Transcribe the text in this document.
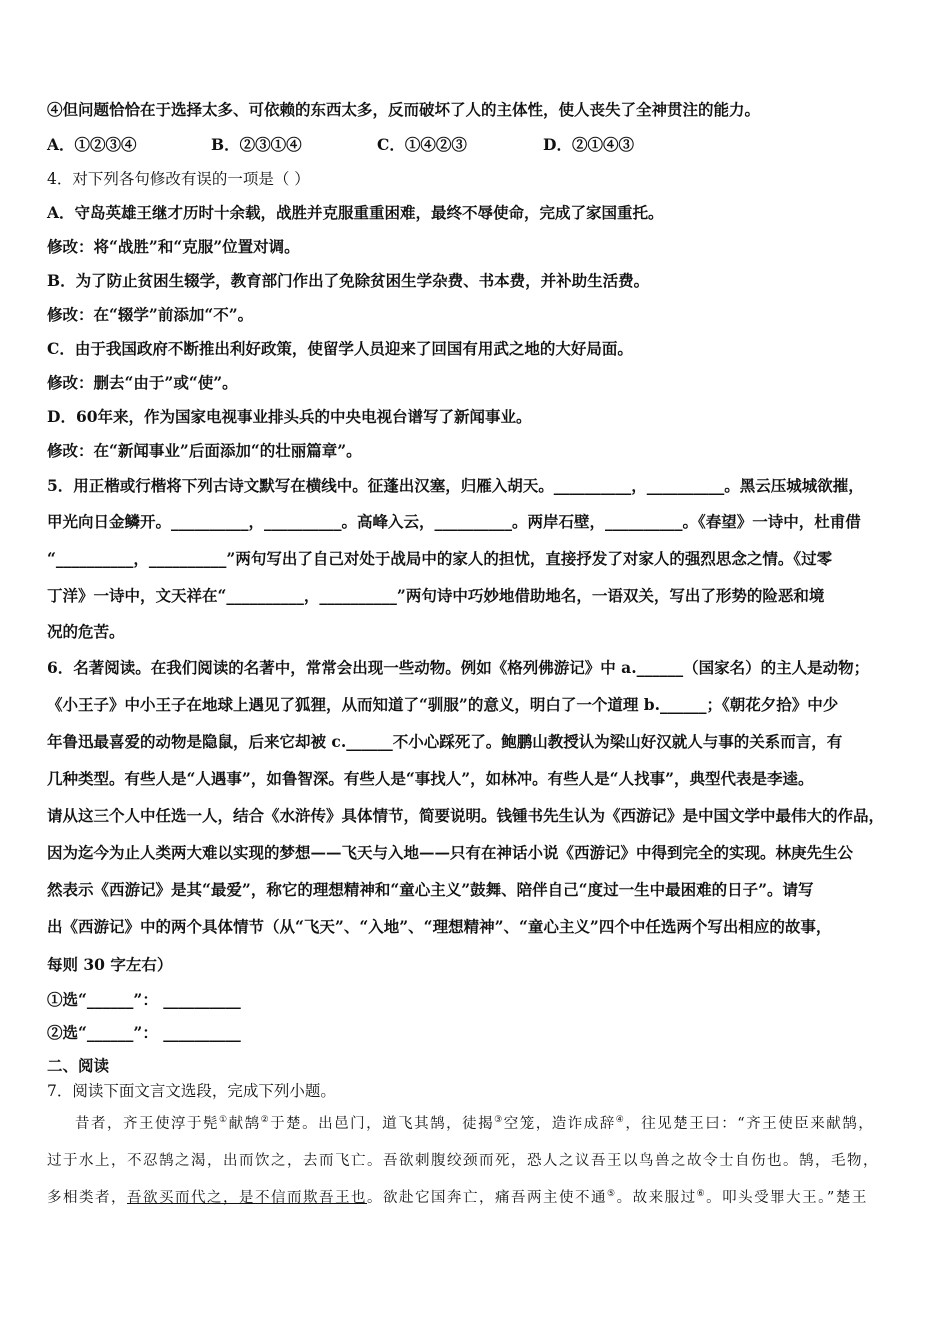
④但问题恰恰在于选择太多、可依赖的东西太多，反而破坏了人的主体性，使人丧失了全神贯注的能力。
A．①②③④	B．②③①④	C．①④②③	D．②①④③
4．对下列各句修改有误的一项是（ ）
A．守岛英雄王继才历时十余载，战胜并克服重重困难，最终不辱使命，完成了家国重托。
修改：将“战胜”和“克服”位置对调。
B．为了防止贫困生辍学，教育部门作出了免除贫困生学杂费、书本费，并补助生活费。
修改：在“辍学”前添加“不”。
C．由于我国政府不断推出利好政策，使留学人员迎来了回国有用武之地的大好局面。
修改：删去“由于”或“使”。
D．60年来，作为国家电视事业排头兵的中央电视台谱写了新闻事业。
修改：在“新闻事业”后面添加“的壮丽篇章”。
5．用正楷或行楷将下列古诗文默写在横线中。征蓬出汉塞，归雁入胡天。__________，__________。黑云压城城欲摧，
甲光向日金鳞开。__________，__________。高峰入云，__________。两岸石壁，__________。《春望》一诗中，杜甫借
“__________，__________”两句写出了自己对处于战局中的家人的担忧，直接抒发了对家人的强烈思念之情。《过零
丁洋》一诗中，文天祥在“__________，__________”两句诗中巧妙地借助地名，一语双关，写出了形势的险恶和境
况的危苦。
6．名著阅读。在我们阅读的名著中，常常会出现一些动物。例如《格列佛游记》中 a.______（国家名）的主人是动物；
《小王子》中小王子在地球上遇见了狐狸，从而知道了“驯服”的意义，明白了一个道理 b.______；《朝花夕拾》中少
年鲁迅最喜爱的动物是隐鼠，后来它却被 c.______不小心踩死了。鲍鹏山教授认为梁山好汉就人与事的关系而言，有
几种类型。有些人是“人遇事”，如鲁智深。有些人是“事找人”，如林冲。有些人是“人找事”，典型代表是李逵。
请从这三个人中任选一人，结合《水浒传》具体情节，简要说明。钱锺书先生认为《西游记》是中国文学中最伟大的作品，
因为迄今为止人类两大难以实现的梦想——飞天与入地——只有在神话小说《西游记》中得到完全的实现。林庚先生公
然表示《西游记》是其“最爱”，称它的理想精神和“童心主义”鼓舞、陪伴自己“度过一生中最困难的日子”。请写
出《西游记》中的两个具体情节（从“飞天”、“入地”、“理想精神”、“童心主义”四个中任选两个写出相应的故事，
每则 30 字左右）
①选“______”： __________
②选“______”： __________
二、阅读
7．阅读下面文言文选段，完成下列小题。
昔者，齐王使淳于髡①献鹄②于楚。出邑门，道飞其鹄，徒揭③空笼，造诈成辞④，往见楚王曰：“齐王使臣来献鹄，
过于水上，不忍鹄之渴，出而饮之，去而飞亡。吾欲刺腹绞颈而死，恐人之议吾王以鸟兽之故令士自伤也。鹄，毛物，
多相类者，吾欲买而代之，是不信而欺吾王也。欲赴它国奔亡，痛吾两主使不通⑤。故来服过⑥。叩头受罪大王。”楚王
